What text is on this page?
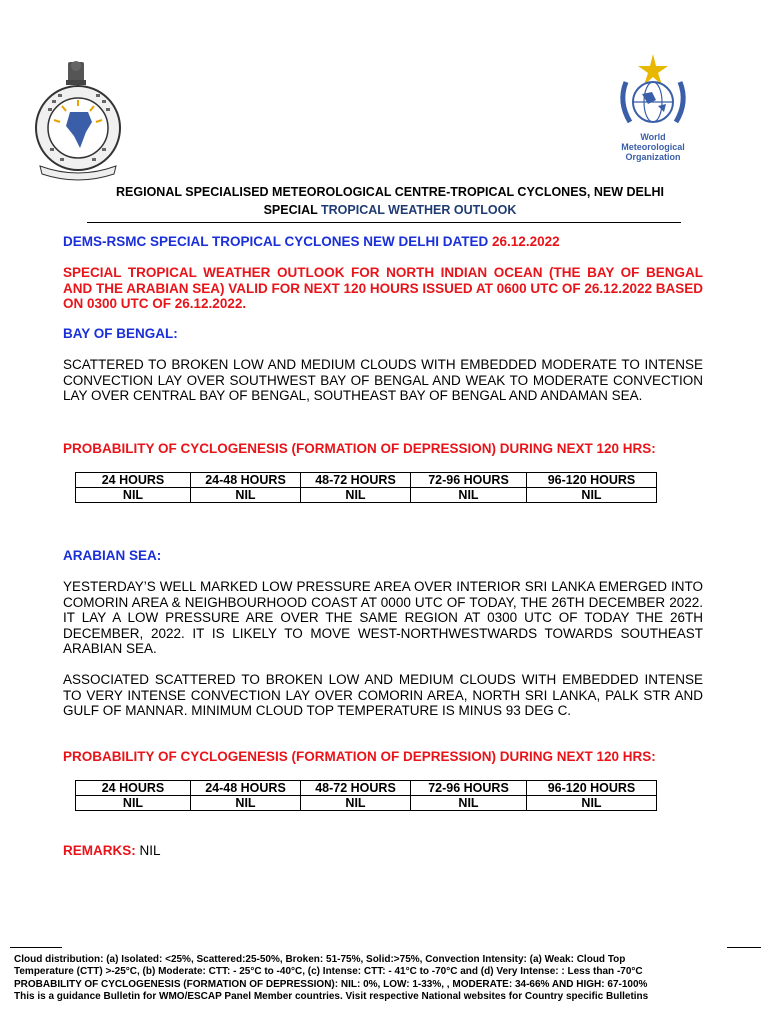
World
Meteorological
Organization
REGIONAL SPECIALISED METEOROLOGICAL CENTRE-TROPICAL CYCLONES, NEW DELHI
SPECIAL TROPICAL WEATHER OUTLOOK
DEMS-RSMC SPECIAL TROPICAL CYCLONES NEW DELHI DATED 26.12.2022
SPECIAL TROPICAL WEATHER OUTLOOK FOR NORTH INDIAN OCEAN (THE BAY OF BENGAL AND THE ARABIAN SEA) VALID FOR NEXT 120 HOURS ISSUED AT 0600 UTC OF 26.12.2022 BASED ON 0300 UTC OF 26.12.2022.
BAY OF BENGAL:
SCATTERED TO BROKEN LOW AND MEDIUM CLOUDS WITH EMBEDDED MODERATE TO INTENSE CONVECTION LAY OVER SOUTHWEST BAY OF BENGAL AND WEAK TO MODERATE CONVECTION LAY OVER CENTRAL BAY OF BENGAL, SOUTHEAST BAY OF BENGAL AND ANDAMAN SEA.
PROBABILITY OF CYCLOGENESIS (FORMATION OF DEPRESSION) DURING NEXT 120 HRS:
24 HOURS	24-48 HOURS	48-72 HOURS	72-96 HOURS	96-120 HOURS
NIL	NIL	NIL	NIL	NIL
ARABIAN SEA:
YESTERDAY’S WELL MARKED LOW PRESSURE AREA OVER INTERIOR SRI LANKA EMERGED INTO COMORIN AREA & NEIGHBOURHOOD COAST AT 0000 UTC OF TODAY, THE 26TH DECEMBER 2022. IT LAY A LOW PRESSURE ARE OVER THE SAME REGION AT 0300 UTC OF TODAY THE 26TH DECEMBER, 2022. IT IS LIKELY TO MOVE WEST-NORTHWESTWARDS TOWARDS SOUTHEAST ARABIAN SEA.
ASSOCIATED SCATTERED TO BROKEN LOW AND MEDIUM CLOUDS WITH EMBEDDED INTENSE TO VERY INTENSE CONVECTION LAY OVER COMORIN AREA, NORTH SRI LANKA, PALK STR AND GULF OF MANNAR. MINIMUM CLOUD TOP TEMPERATURE IS MINUS 93 DEG C.
PROBABILITY OF CYCLOGENESIS (FORMATION OF DEPRESSION) DURING NEXT 120 HRS:
24 HOURS	24-48 HOURS	48-72 HOURS	72-96 HOURS	96-120 HOURS
NIL	NIL	NIL	NIL	NIL
REMARKS: NIL
Cloud distribution: (a) Isolated: <25%, Scattered:25-50%, Broken: 51-75%, Solid:>75%, Convection Intensity: (a) Weak: Cloud Top
Temperature (CTT) >-25°C, (b) Moderate: CTT: - 25°C to -40°C, (c) Intense: CTT: - 41°C to -70°C and (d) Very Intense: : Less than -70°C
PROBABILITY OF CYCLOGENESIS (FORMATION OF DEPRESSION): NIL: 0%, LOW: 1-33%, , MODERATE: 34-66% AND HIGH: 67-100%
This is a guidance Bulletin for WMO/ESCAP Panel Member countries. Visit respective National websites for Country specific Bulletins
